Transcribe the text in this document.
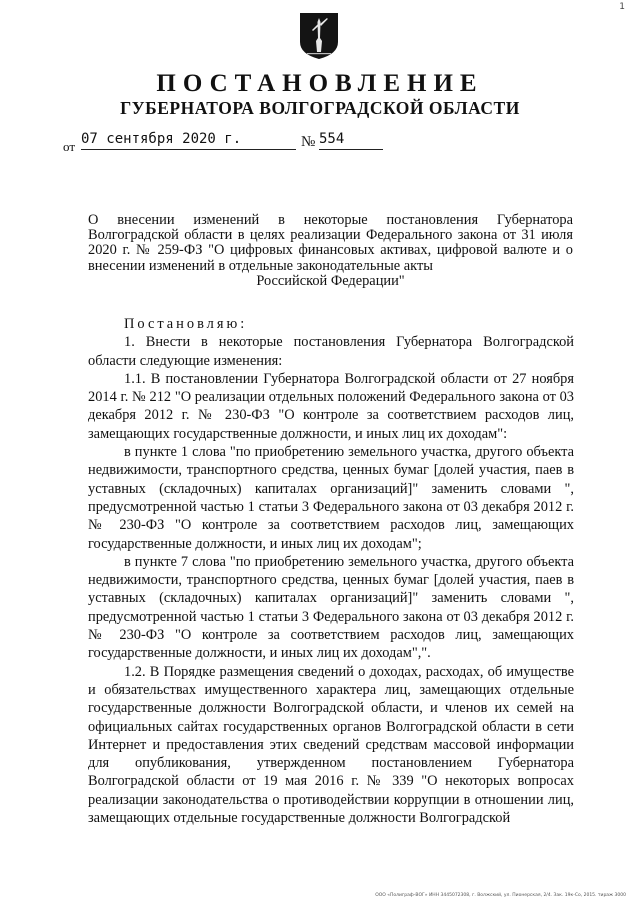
1
ПОСТАНОВЛЕНИЕ
ГУБЕРНАТОРА ВОЛГОГРАДСКОЙ ОБЛАСТИ
от 07 сентября 2020 г.	№ 554
О внесении изменений в некоторые постановления Губернатора Волгоградской области в целях реализации Федерального закона от 31 июля 2020 г. № 259-ФЗ "О цифровых финансовых активах, цифровой валюте и о внесении изменений в отдельные законодательные акты
Российской Федерации"

Постановляю:

1. Внести в некоторые постановления Губернатора Волгоградской области следующие изменения:

1.1. В постановлении Губернатора Волгоградской области от 27 ноября 2014 г. № 212 "О реализации отдельных положений Федерального закона от 03 декабря 2012 г. № 230-ФЗ "О контроле за соответствием расходов лиц, замещающих государственные должности, и иных лиц их доходам":

в пункте 1 слова "по приобретению земельного участка, другого объекта недвижимости, транспортного средства, ценных бумаг [долей участия, паев в уставных (складочных) капиталах организаций]" заменить словами ", предусмотренной частью 1 статьи 3 Федерального закона от 03 декабря 2012 г. № 230-ФЗ "О контроле за соответствием расходов лиц, замещающих государственные должности, и иных лиц их доходам";

в пункте 7 слова "по приобретению земельного участка, другого объекта недвижимости, транспортного средства, ценных бумаг [долей участия, паев в уставных (складочных) капиталах организаций]" заменить словами ", предусмотренной частью 1 статьи 3 Федерального закона от 03 декабря 2012 г. № 230-ФЗ "О контроле за соответствием расходов лиц, замещающих государственные должности, и иных лиц их доходам",".

1.2. В Порядке размещения сведений о доходах, расходах, об имуществе и обязательствах имущественного характера лиц, замещающих отдельные государственные должности Волгоградской области, и членов их семей на официальных сайтах государственных органов Волгоградской области в сети Интернет и предоставления этих сведений средствам массовой информации для опубликования, утвержденном постановлением Губернатора Волгоградской области от 19 мая 2016 г. № 339 "О некоторых вопросах реализации законодательства о противодействии коррупции в отношении лиц, замещающих отдельные государственные должности Волгоградской

ООО «Полиграф-ВОГ» ИНН 3445072308, г. Волжский, ул. Пионерская, 2/4. Зак. 19к-Со, 2015. тираж 3000
